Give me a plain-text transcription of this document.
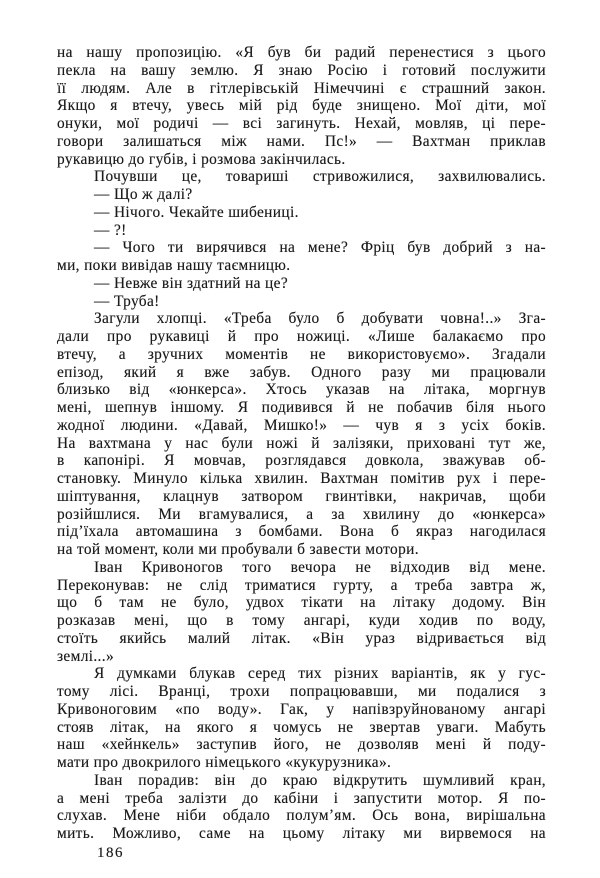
на нашу пропозицію. «Я був би радий перенестися з цього
пекла на вашу землю. Я знаю Росію і готовий послужити
її людям. Але в гітлерівській Німеччині є страшний закон.
Якщо я втечу, увесь мій рід буде знищено. Мої діти, мої
онуки, мої родичі — всі загинуть. Нехай, мовляв, ці пере-
говори залишаться між нами. Пс!» — Вахтман приклав
рукавицю до губів, і розмова закінчилась.
Почувши це, товариші стривожилися, захвилювались.
— Що ж далі?
— Нічого. Чекайте шибениці.
— ?!
— Чого ти вирячився на мене? Фріц був добрий з на-
ми, поки вивідав нашу таємницю.
— Невже він здатний на це?
— Труба!
Загули хлопці. «Треба було б добувати човна!..» Зга-
дали про рукавиці й про ножиці. «Лише балакаємо про
втечу, а зручних моментів не використовуємо». Згадали
епізод, який я вже забув. Одного разу ми працювали
близько від «юнкерса». Хтось указав на літака, моргнув
мені, шепнув іншому. Я подивився й не побачив біля нього
жодної людини. «Давай, Мишко!» — чув я з усіх боків.
На вахтмана у нас були ножі й залізяки, приховані тут же,
в капонірі. Я мовчав, розглядався довкола, зважував об-
становку. Минуло кілька хвилин. Вахтман помітив рух і пере-
шіптування, клацнув затвором гвинтівки, накричав, щоби
розійшлися. Ми вгамувалися, а за хвилину до «юнкерса»
під’їхала автомашина з бомбами. Вона б якраз нагодилася
на той момент, коли ми пробували б завести мотори.
Іван Кривоногов того вечора не відходив від мене.
Переконував: не слід триматися гурту, а треба завтра ж,
що б там не було, удвох тікати на літаку додому. Він
розказав мені, що в тому ангарі, куди ходив по воду,
стоїть якийсь малий літак. «Він ураз відривається від
землі...»
Я думками блукав серед тих різних варіантів, як у гус-
тому лісі. Вранці, трохи попрацювавши, ми подалися з
Кривоноговим «по воду». Гак, у напівзруйнованому ангарі
стояв літак, на якого я чомусь не звертав уваги. Мабуть
наш «хейнкель» заступив його, не дозволяв мені й поду-
мати про двокрилого німецького «кукурузника».
Іван порадив: він до краю відкрутить шумливий кран,
а мені треба залізти до кабіни і запустити мотор. Я по-
слухав. Мене ніби обдало полум’ям. Ось вона, вирішальна
мить. Можливо, саме на цьому літаку ми вирвемося на
186
